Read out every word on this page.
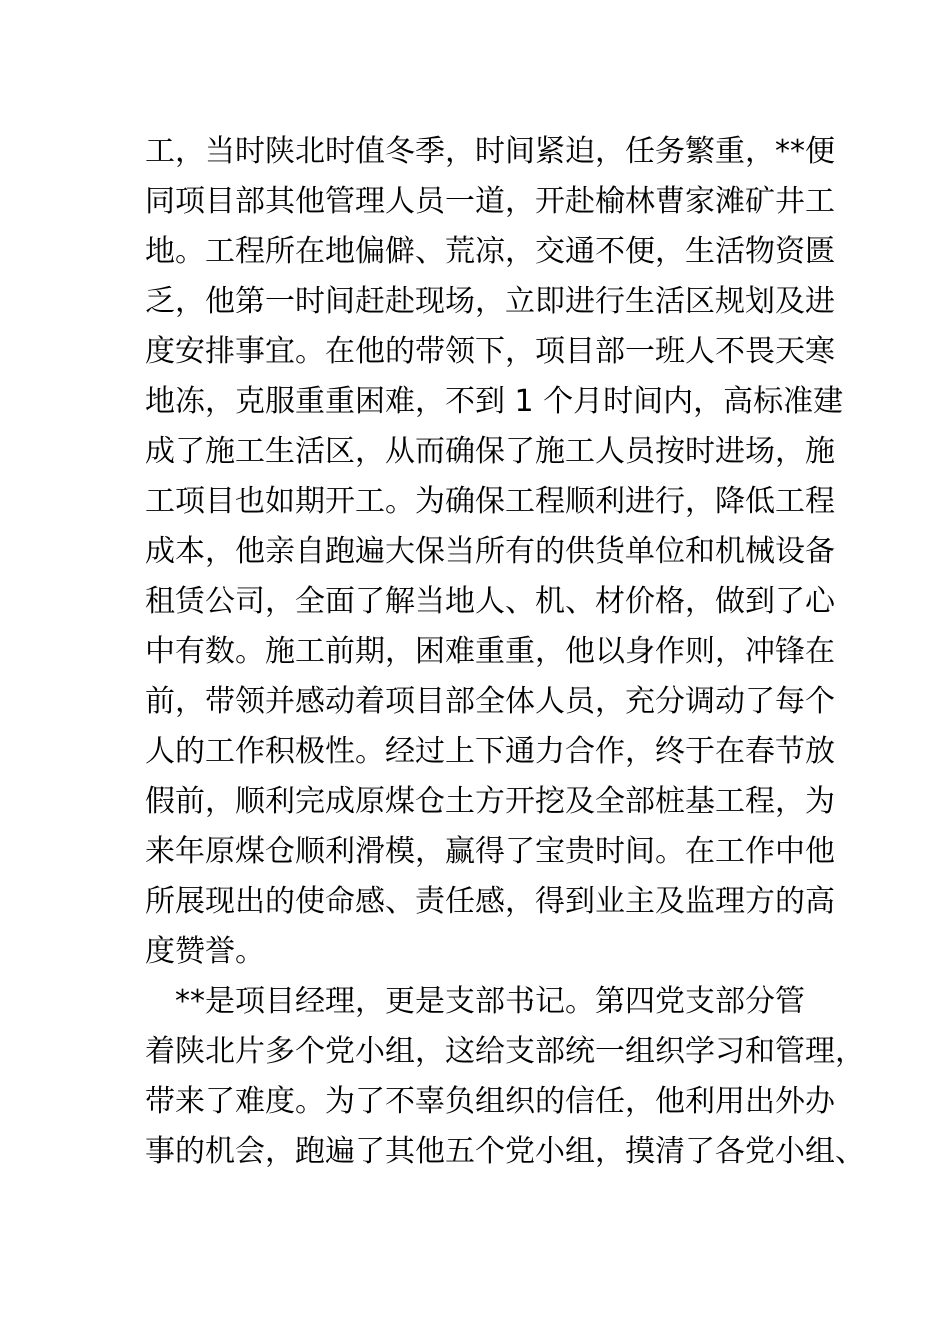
工，当时陕北时值冬季，时间紧迫，任务繁重，**便
同项目部其他管理人员一道，开赴榆林曹家滩矿井工
地。工程所在地偏僻、荒凉，交通不便，生活物资匮
乏，他第一时间赶赴现场，立即进行生活区规划及进
度安排事宜。在他的带领下，项目部一班人不畏天寒
地冻，克服重重困难，不到 1 个月时间内，高标准建
成了施工生活区，从而确保了施工人员按时进场，施
工项目也如期开工。为确保工程顺利进行，降低工程
成本，他亲自跑遍大保当所有的供货单位和机械设备
租赁公司，全面了解当地人、机、材价格，做到了心
中有数。施工前期，困难重重，他以身作则，冲锋在
前，带领并感动着项目部全体人员，充分调动了每个
人的工作积极性。经过上下通力合作，终于在春节放
假前，顺利完成原煤仓土方开挖及全部桩基工程，为
来年原煤仓顺利滑模，赢得了宝贵时间。在工作中他
所展现出的使命感、责任感，得到业主及监理方的高
度赞誉。
　**是项目经理，更是支部书记。第四党支部分管
着陕北片多个党小组，这给支部统一组织学习和管理，
带来了难度。为了不辜负组织的信任，他利用出外办
事的机会，跑遍了其他五个党小组，摸清了各党小组、
